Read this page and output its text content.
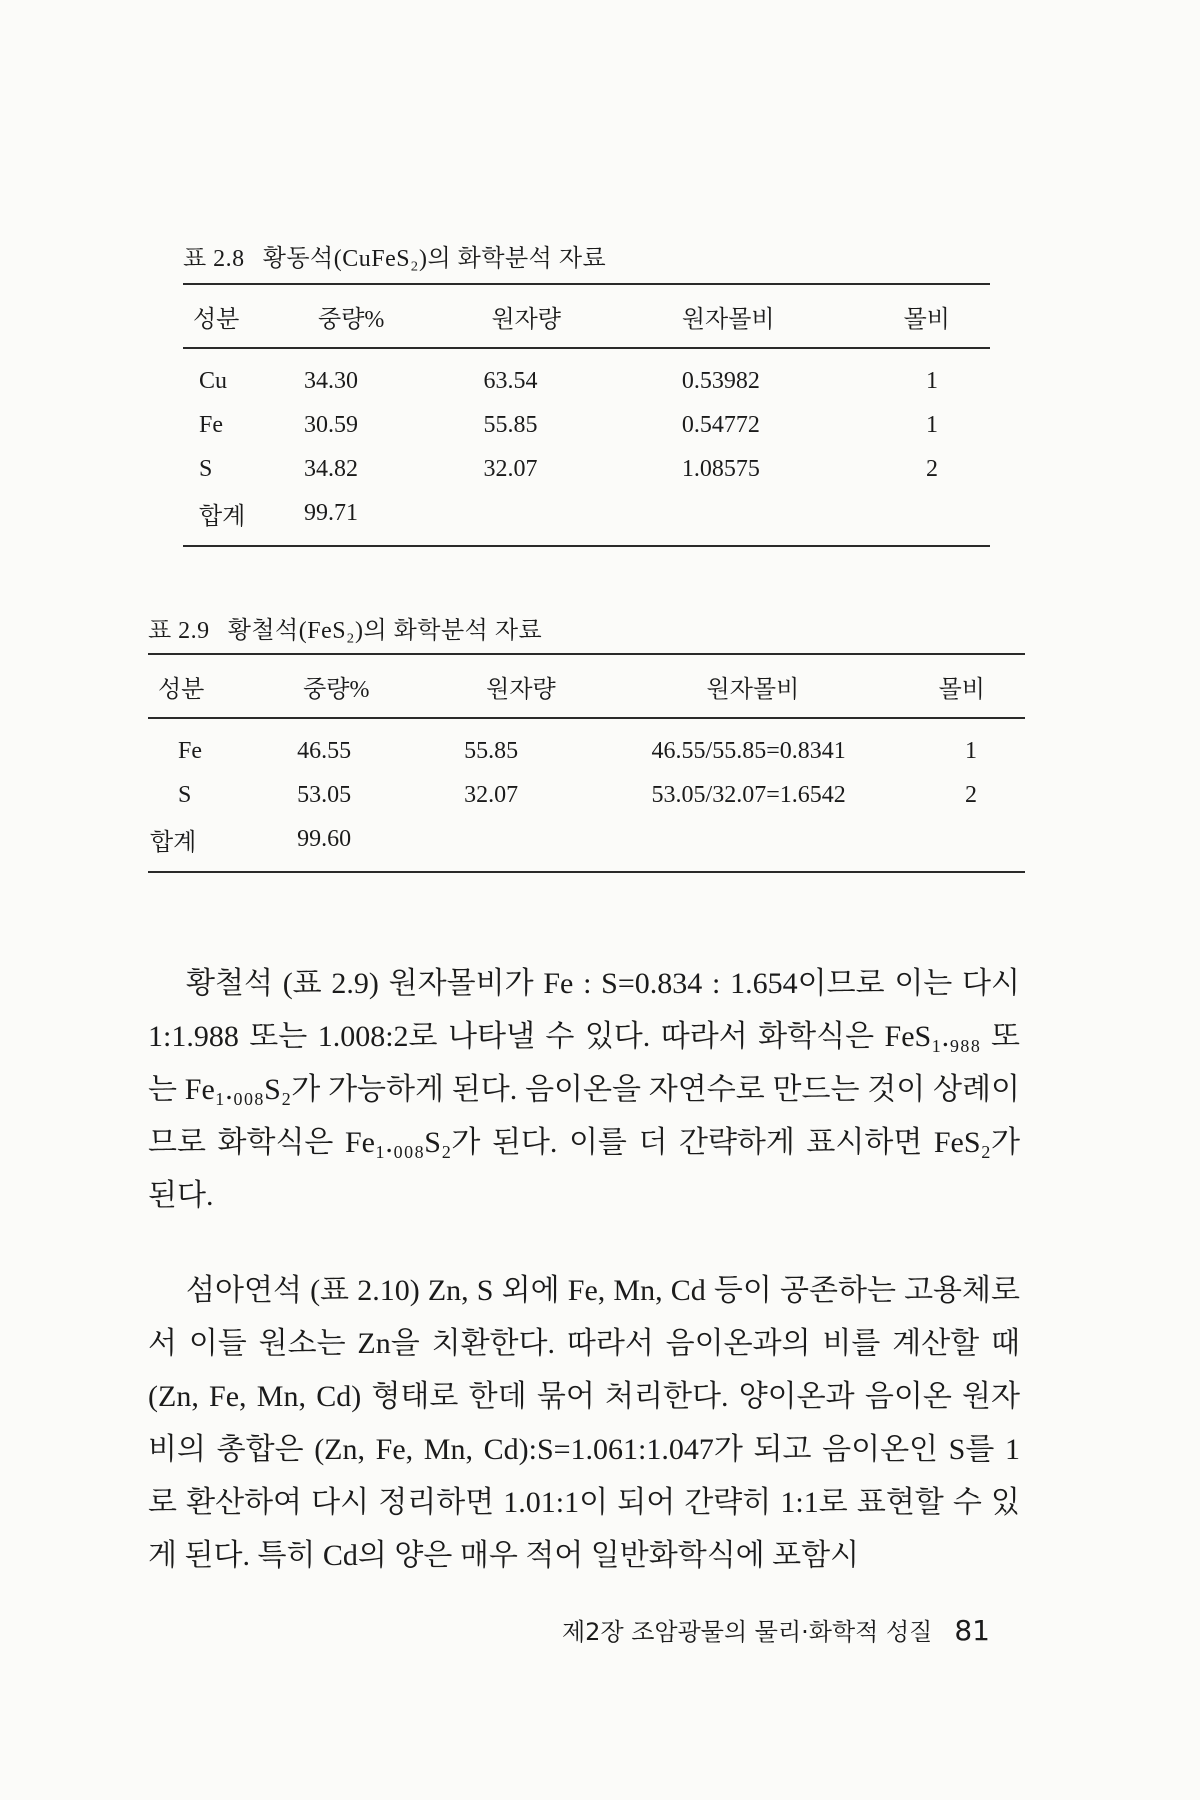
표 2.8 황동석(CuFeS₂)의 화학분석 자료
성분	중량%	원자량	원자몰비	몰비
Cu	34.30	63.54	0.53982	1
Fe	30.59	55.85	0.54772	1
S	34.82	32.07	1.08575	2
합계	99.71			
표 2.9 황철석(FeS₂)의 화학분석 자료
성분	중량%	원자량	원자몰비	몰비
Fe	46.55	55.85	46.55/55.85=0.8341	1
S	53.05	32.07	53.05/32.07=1.6542	2
합계	99.60			

황철석 (표 2.9) 원자몰비가 Fe : S=0.834 : 1.654이므로 이는 다시 1:1.988 또는 1.008:2로 나타낼 수 있다. 따라서 화학식은 FeS₁.₉₈₈ 또는 Fe₁.₀₀₈S₂가 가능하게 된다. 음이온을 자연수로 만드는 것이 상례이므로 화학식은 Fe₁.₀₀₈S₂가 된다. 이를 더 간략하게 표시하면 FeS₂가 된다.

섬아연석 (표 2.10) Zn, S 외에 Fe, Mn, Cd 등이 공존하는 고용체로서 이들 원소는 Zn을 치환한다. 따라서 음이온과의 비를 계산할 때 (Zn, Fe, Mn, Cd) 형태로 한데 묶어 처리한다. 양이온과 음이온 원자비의 총합은 (Zn, Fe, Mn, Cd):S=1.061:1.047가 되고 음이온인 S를 1로 환산하여 다시 정리하면 1.01:1이 되어 간략히 1:1로 표현할 수 있게 된다. 특히 Cd의 양은 매우 적어 일반화학식에 포함시

제2장 조암광물의 물리·화학적 성질 81
